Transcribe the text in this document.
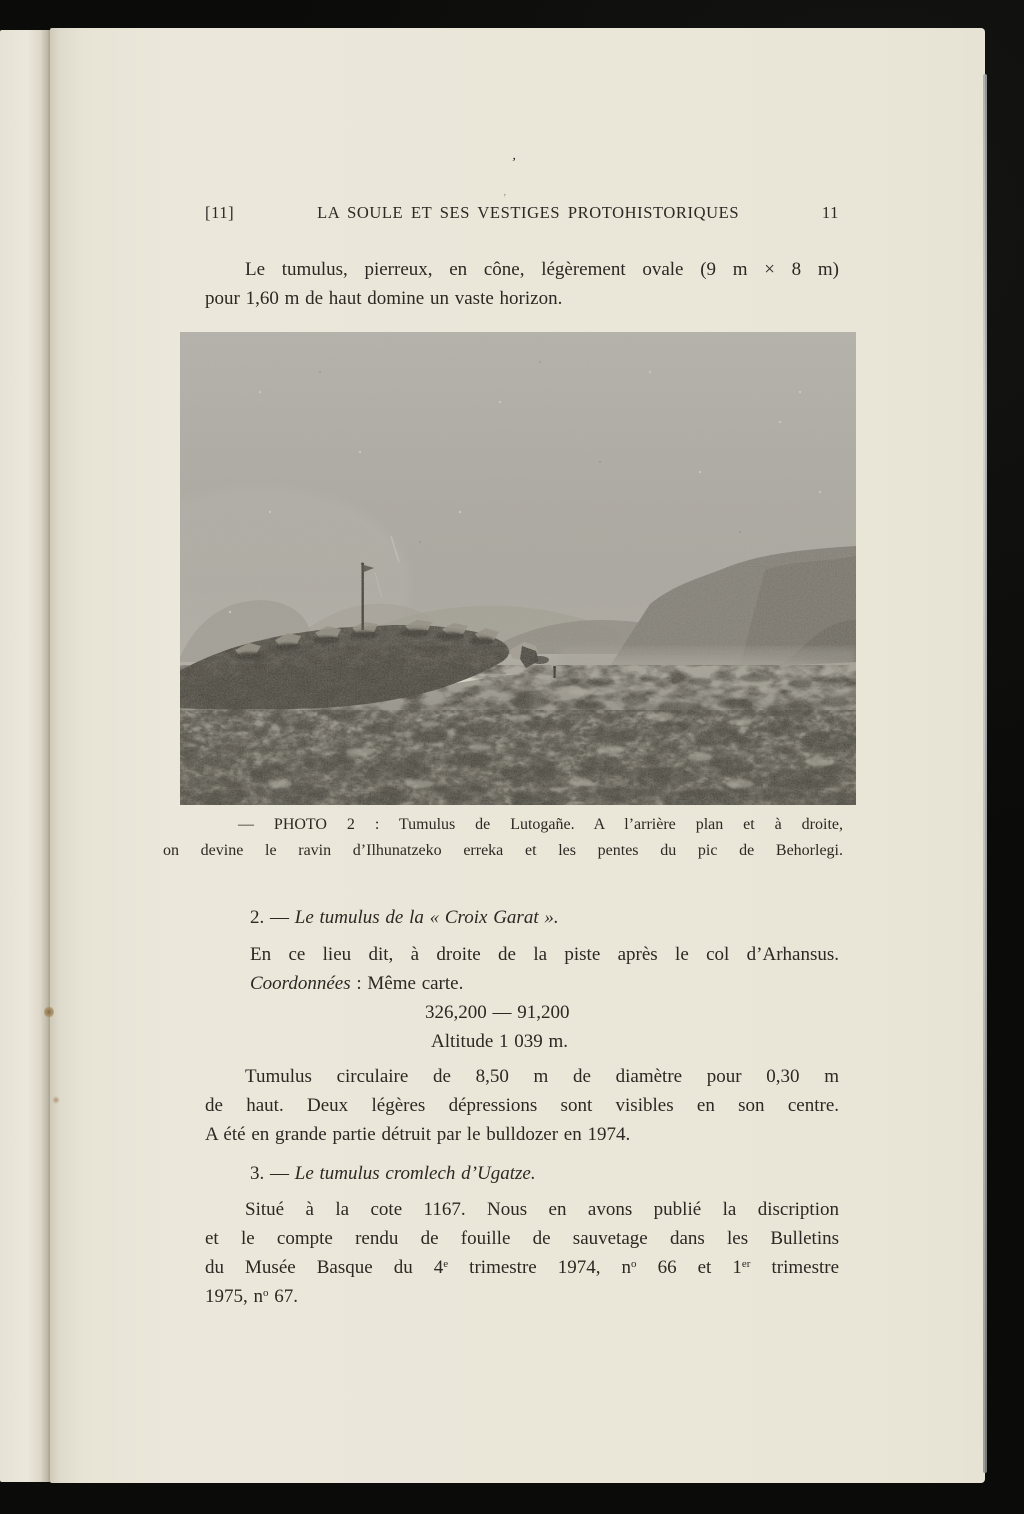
’
,
[11]	LA SOULE ET SES VESTIGES PROTOHISTORIQUES	11
Le tumulus, pierreux, en cône, légèrement ovale (9 m × 8 m)
pour 1,60 m de haut domine un vaste horizon.
— PHOTO 2 : Tumulus de Lutogañe. A l’arrière plan et à droite,
on devine le ravin d’Ilhunatzeko erreka et les pentes du pic de Behorlegi.
2. — Le tumulus de la « Croix Garat ».
En ce lieu dit, à droite de la piste après le col d’Arhansus.
Coordonnées : Même carte.
326,200 — 91,200
Altitude 1 039 m.
Tumulus circulaire de 8,50 m de diamètre pour 0,30 m
de haut. Deux légères dépressions sont visibles en son centre.
A été en grande partie détruit par le bulldozer en 1974.
3. — Le tumulus cromlech d’Ugatze.
Situé à la cote 1167. Nous en avons publié la discription
et le compte rendu de fouille de sauvetage dans les Bulletins
du Musée Basque du 4e trimestre 1974, $n^o$ 66 et 1er trimestre
1975, $n^o$ 67.
